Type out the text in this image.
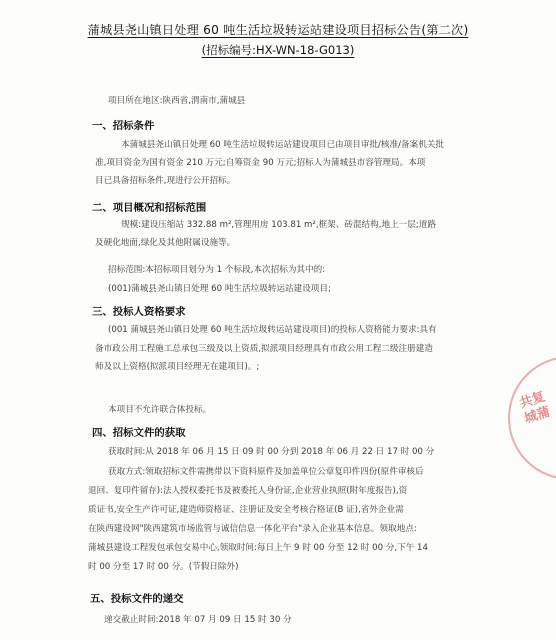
蒲城县尧山镇日处理 60 吨生活垃圾转运站建设项目招标公告(第二次)
(招标编号:HX-WN-18-G013)
项目所在地区:陕西省,渭南市,蒲城县
一、招标条件
本蒲城县尧山镇日处理 60 吨生活垃圾转运站建设项目已由项目审批/核准/备案机关批
准,项目资金为国有资金 210 万元;自筹资金 90 万元;招标人为蒲城县市容管理局。本项
目已具备招标条件,现进行公开招标。
二、项目概况和招标范围
规模:建设压缩站 332.88 m²,管理用房 103.81 m²,框架、砖混结构,地上一层;道路
及硬化地面,绿化及其他附属设施等。
招标范围:本招标项目划分为 1 个标段,本次招标为其中的:
(001)蒲城县尧山镇日处理 60 吨生活垃圾转运站建设项目;
三、投标人资格要求
(001 蒲城县尧山镇日处理 60 吨生活垃圾转运站建设项目)的投标人资格能力要求:具有
备市政公用工程施工总承包三级及以上资质,拟派项目经理具有市政公用工程二级注册建造
师及以上资格(拟派项目经理无在建项目)。;
本项目不允许联合体投标。
四、招标文件的获取
获取时间:从 2018 年 06 月 15 日 09 时 00 分到 2018 年 06 月 22 日 17 时 00 分
获取方式:领取招标文件需携带以下资料原件及加盖单位公章复印件四份(原件审核后
退回、复印件留存):法人授权委托书及被委托人身份证,企业营业执照(附年度报告),资
质证书,安全生产许可证,建造师资格证、注册证及安全考核合格证(B 证),省外企业需
在陕西建设网"陕西建筑市场监管与诚信信息一体化平台"录入企业基本信息。领取地点:
蒲城县建设工程发包承包交易中心,领取时间:每日上午 9 时 00 分至 12 时 00 分,下午 14
时 00 分至 17 时 00 分。(节假日除外)
五、投标文件的递交
递交截止时间:2018 年 07 月 09 日 15 时 30 分
共复城蒲
